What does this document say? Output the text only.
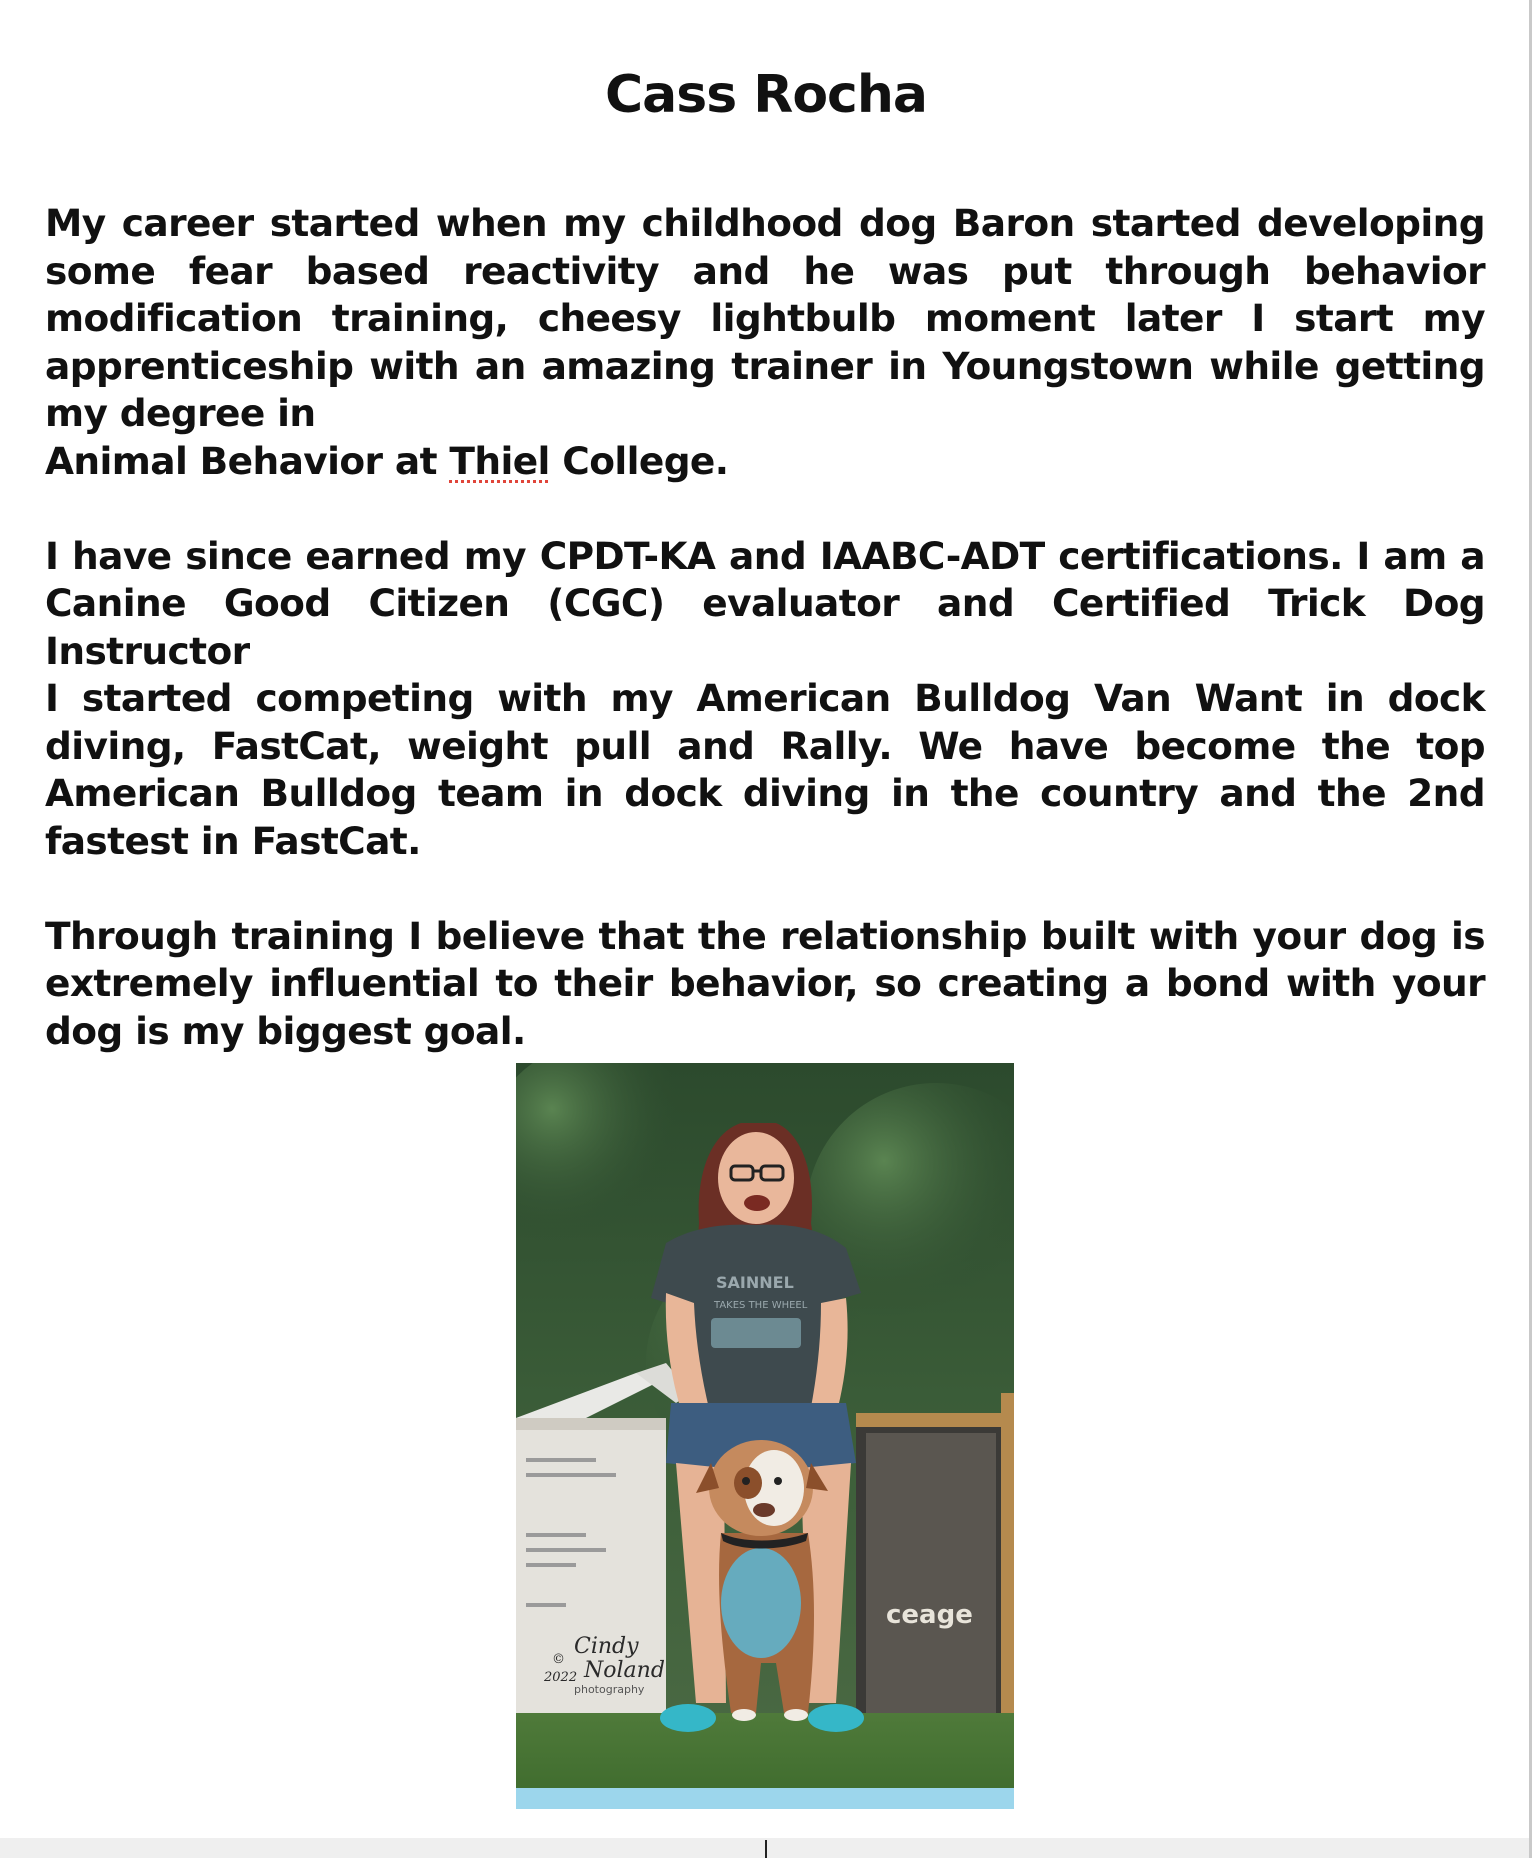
Cass Rocha

My career started when my childhood dog Baron started developing some fear based reactivity and he was put through behavior modification training, cheesy lightbulb moment later I start my apprenticeship with an amazing trainer in Youngstown while getting my degree in
Animal Behavior at Thiel College.

I have since earned my CPDT-KA and IAABC-ADT certifications. I am a Canine Good Citizen (CGC) evaluator and Certified Trick Dog Instructor
I started competing with my American Bulldog Van Want in dock diving, FastCat, weight pull and Rally. We have become the top American Bulldog team in dock diving in the country and the 2nd fastest in FastCat.

Through training I believe that the relationship built with your dog is extremely influential to their behavior, so creating a bond with your dog is my biggest goal.

ceage
SAINNEL
TAKES THE WHEEL
©
2022
Cindy
Noland
photography
